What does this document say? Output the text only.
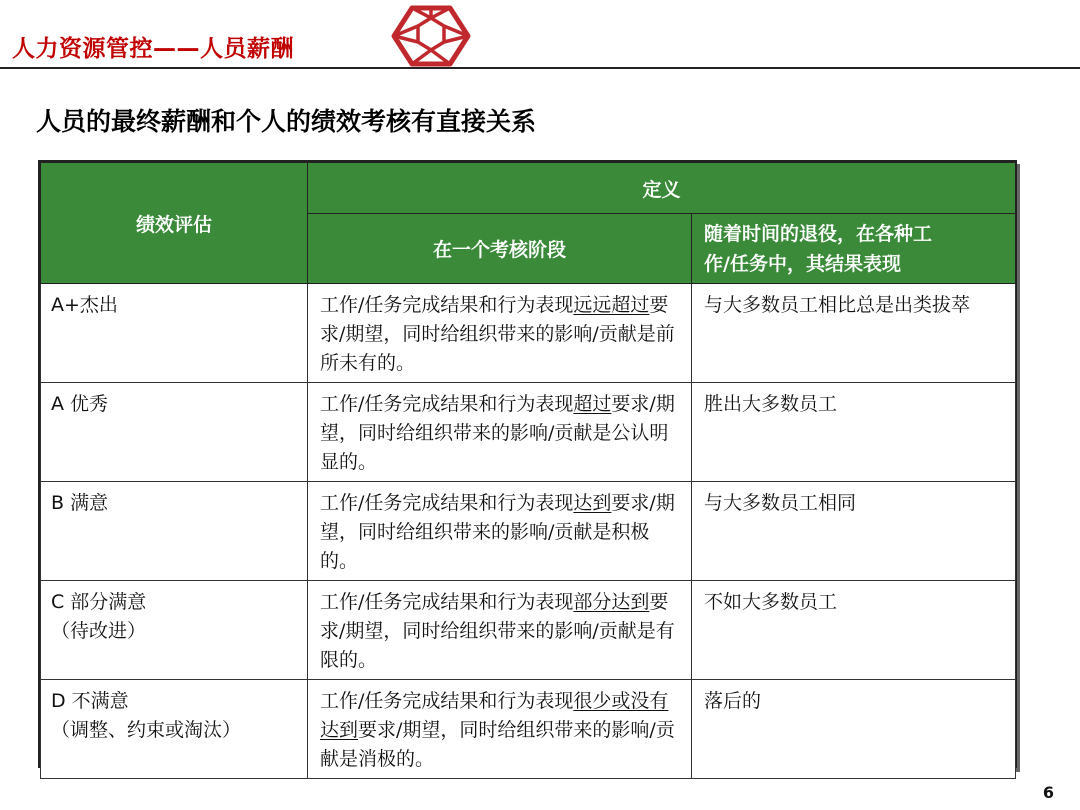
人力资源管控——人员薪酬
人员的最终薪酬和个人的绩效考核有直接关系
绩效评估	定义	
	在一个考核阶段	随着时间的退役，在各种工
作/任务中，其结果表现
A+杰出	工作/任务完成结果和行为表现远远超过要求/期望，同时给组织带来的影响/贡献是前所未有的。	与大多数员工相比总是出类拔萃
A 优秀	工作/任务完成结果和行为表现超过要求/期望，同时给组织带来的影响/贡献是公认明显的。	胜出大多数员工
B 满意	工作/任务完成结果和行为表现达到要求/期望，同时给组织带来的影响/贡献是积极的。	与大多数员工相同
C 部分满意
（待改进）	工作/任务完成结果和行为表现部分达到要求/期望，同时给组织带来的影响/贡献是有限的。	不如大多数员工
D 不满意
（调整、约束或淘汰）	工作/任务完成结果和行为表现很少或没有达到要求/期望，同时给组织带来的影响/贡献是消极的。	落后的
6
